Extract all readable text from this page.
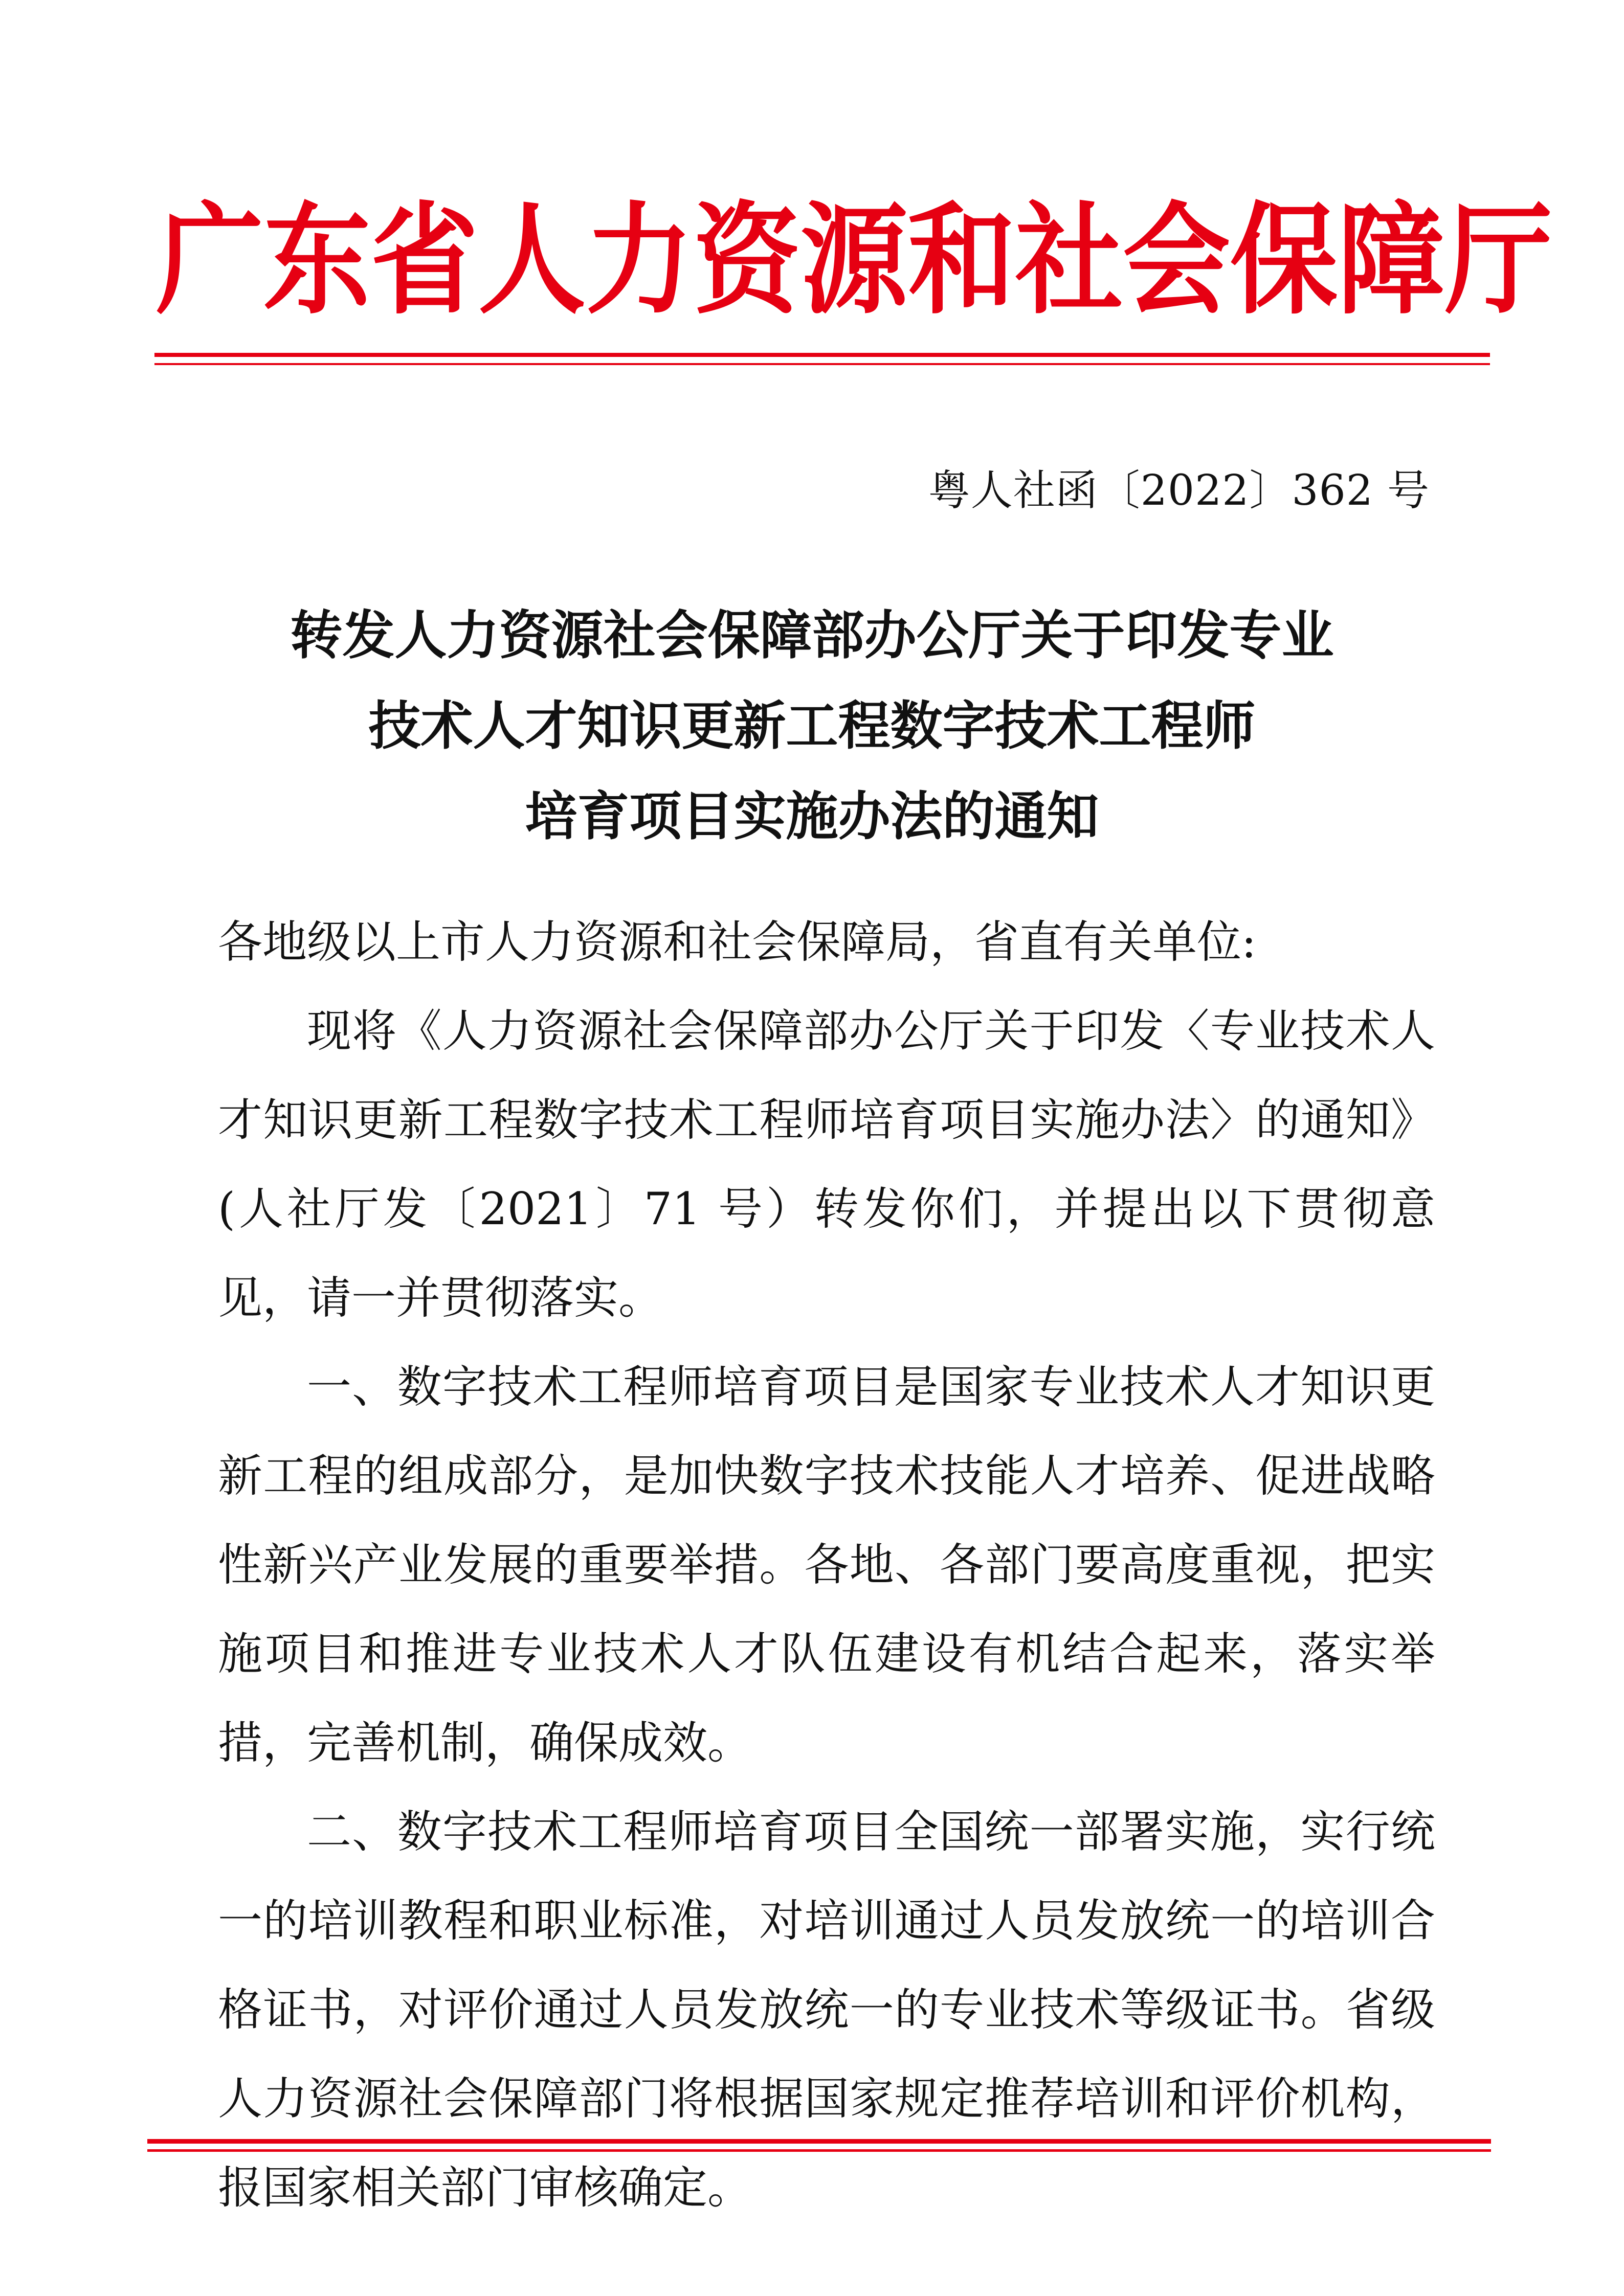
广东省人力资源和社会保障厅
粤人社函〔2022〕362 号
转发人力资源社会保障部办公厅关于印发专业
技术人才知识更新工程数字技术工程师
培育项目实施办法的通知

各地级以上市人力资源和社会保障局，省直有关单位:

现将《人力资源社会保障部办公厅关于印发〈专业技术人才知识更新工程数字技术工程师培育项目实施办法〉的通知》(人社厅发〔2021〕71 号）转发你们，并提出以下贯彻意见，请一并贯彻落实。

一、数字技术工程师培育项目是国家专业技术人才知识更新工程的组成部分，是加快数字技术技能人才培养、促进战略性新兴产业发展的重要举措。各地、各部门要高度重视，把实施项目和推进专业技术人才队伍建设有机结合起来，落实举措，完善机制，确保成效。

二、数字技术工程师培育项目全国统一部署实施，实行统一的培训教程和职业标准，对培训通过人员发放统一的培训合格证书，对评价通过人员发放统一的专业技术等级证书。省级人力资源社会保障部门将根据国家规定推荐培训和评价机构，报国家相关部门审核确定。
